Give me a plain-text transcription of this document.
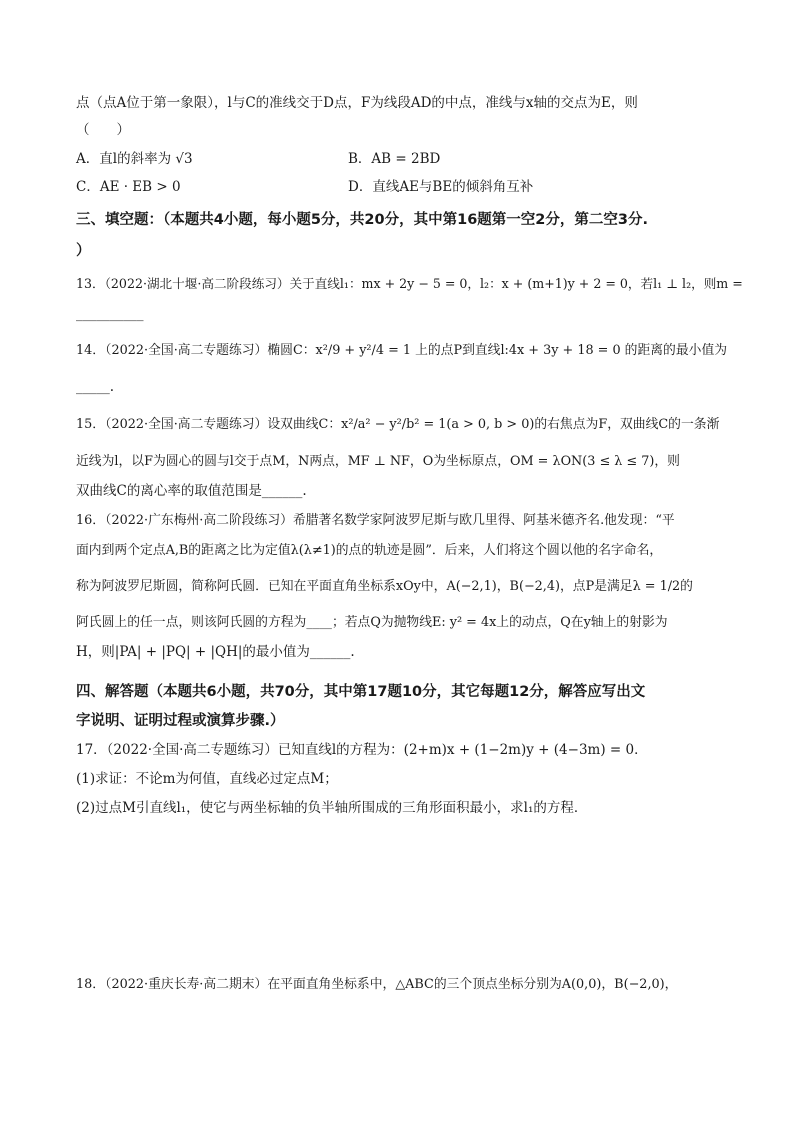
点（点A位于第一象限），l与C的准线交于D点，F为线段AD的中点，准线与x轴的交点为E，则
（　　）
A．直l的斜率为 √3	B．AB = 2BD
C．AE · EB > 0	D．直线AE与BE的倾斜角互补
三、填空题：（本题共4小题，每小题5分，共20分，其中第16题第一空2分，第二空3分.
）
13．（2022·湖北十堰·高二阶段练习）关于直线l₁：mx + 2y − 5 = 0，l₂：x + (m+1)y + 2 = 0，若l₁ ⊥ l₂，则m =
__________
14．（2022·全国·高二专题练习）椭圆C：x²/9 + y²/4 = 1 上的点P到直线l:4x + 3y + 18 = 0 的距离的最小值为
_____.
15．（2022·全国·高二专题练习）设双曲线C：x²/a² − y²/b² = 1(a > 0, b > 0)的右焦点为F，双曲线C的一条渐
近线为l，以F为圆心的圆与l交于点M，N两点，MF ⊥ NF，O为坐标原点，OM = λON(3 ≤ λ ≤ 7)，则
双曲线C的离心率的取值范围是______.
16．（2022·广东梅州·高二阶段练习）希腊著名数学家阿波罗尼斯与欧几里得、阿基米德齐名.他发现：“平
面内到两个定点A,B的距离之比为定值λ(λ≠1)的点的轨迹是圆”．后来，人们将这个圆以他的名字命名，
称为阿波罗尼斯圆，简称阿氏圆．已知在平面直角坐标系xOy中，A(−2,1)，B(−2,4)，点P是满足λ = 1/2的
阿氏圆上的任一点，则该阿氏圆的方程为____；若点Q为抛物线E: y² = 4x上的动点，Q在y轴上的射影为
H，则|PA| + |PQ| + |QH|的最小值为______.
四、解答题（本题共6小题，共70分，其中第17题10分，其它每题12分，解答应写出文
字说明、证明过程或演算步骤.）
17．（2022·全国·高二专题练习）已知直线l的方程为：(2+m)x + (1−2m)y + (4−3m) = 0．
(1)求证：不论m为何值，直线必过定点M；
(2)过点M引直线l₁，使它与两坐标轴的负半轴所围成的三角形面积最小，求l₁的方程．
18．（2022·重庆长寿·高二期末）在平面直角坐标系中，△ABC的三个顶点坐标分别为A(0,0)，B(−2,0)，
